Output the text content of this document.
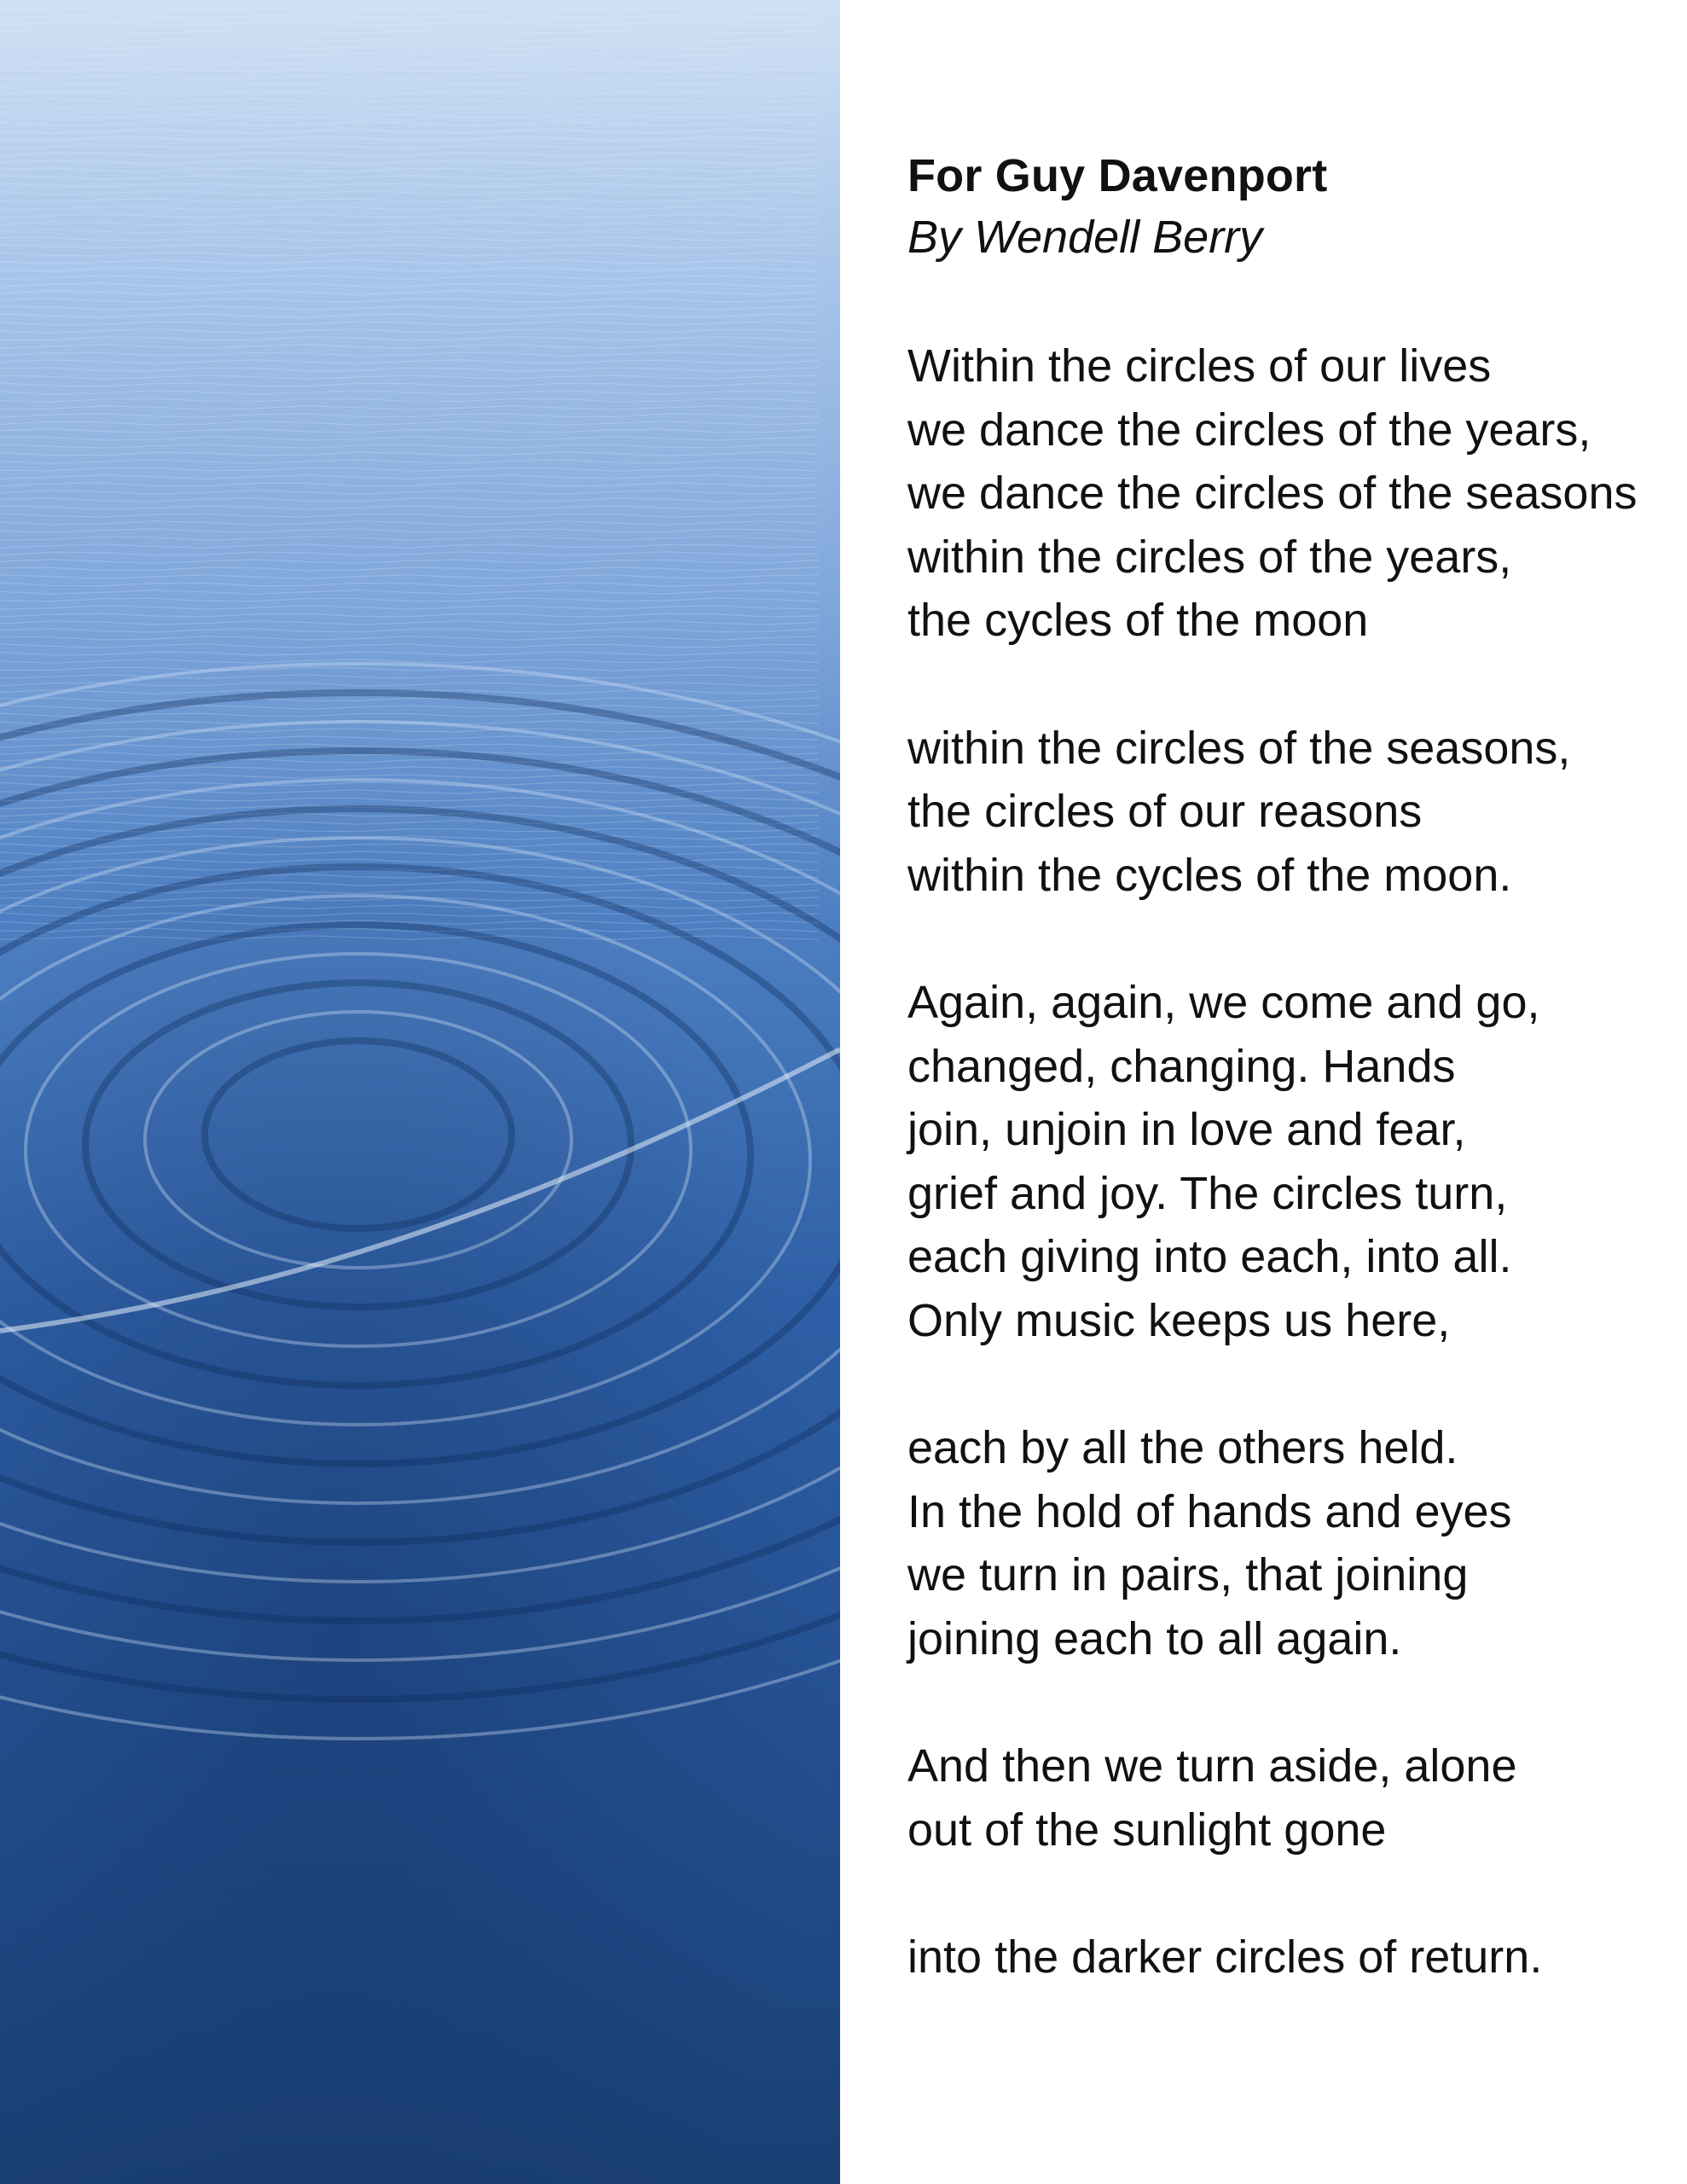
For Guy Davenport

By Wendell Berry

Within the circles of our lives
we dance the circles of the years,
we dance the circles of the seasons
within the circles of the years,
the cycles of the moon
within the circles of the seasons,
the circles of our reasons
within the cycles of the moon.
Again, again, we come and go,
changed, changing. Hands
join, unjoin in love and fear,
grief and joy. The circles turn,
each giving into each, into all.
Only music keeps us here,
each by all the others held.
In the hold of hands and eyes
we turn in pairs, that joining
joining each to all again.
And then we turn aside, alone
out of the sunlight gone
into the darker circles of return.
